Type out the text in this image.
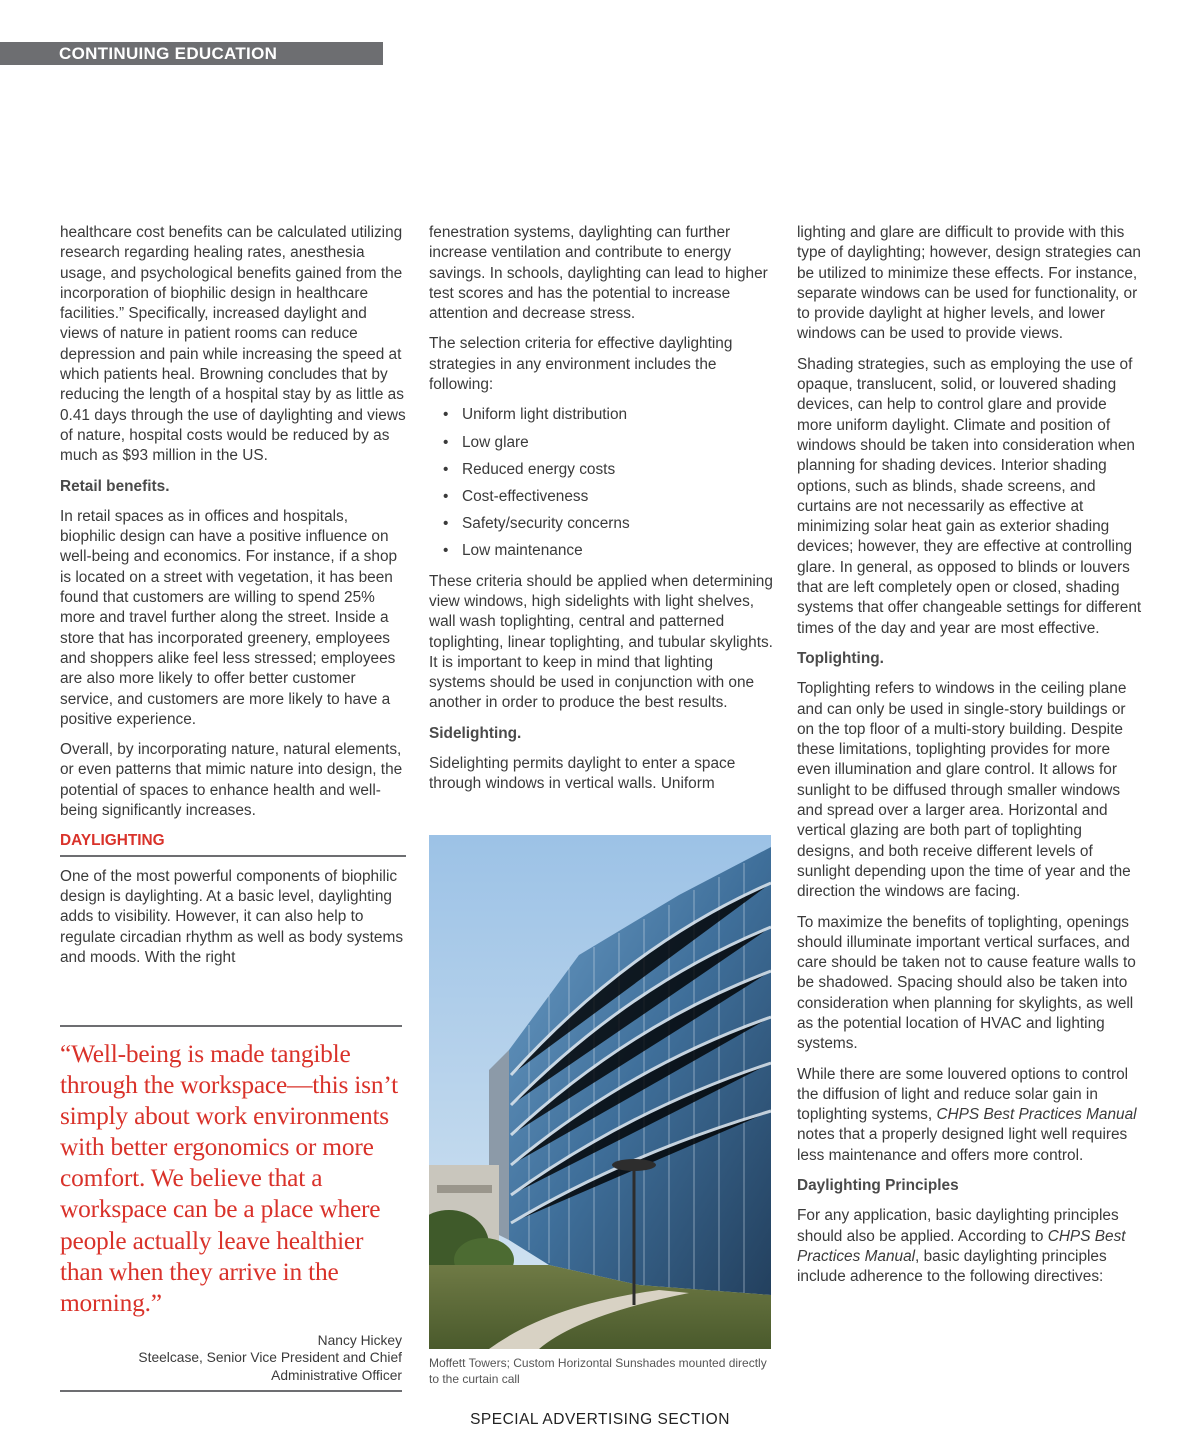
CONTINUING EDUCATION

healthcare cost benefits can be calculated utilizing research regarding healing rates, anesthesia usage, and psychological benefits gained from the incorporation of biophilic design in healthcare facilities.” Specifically, increased daylight and views of nature in patient rooms can reduce depression and pain while increasing the speed at which patients heal. Browning concludes that by reducing the length of a hospital stay by as little as 0.41 days through the use of daylighting and views of nature, hospital costs would be reduced by as much as $93 million in the US.

Retail benefits.

In retail spaces as in offices and hospitals, biophilic design can have a positive influence on well-being and economics. For instance, if a shop is located on a street with vegetation, it has been found that customers are willing to spend 25% more and travel further along the street. Inside a store that has incorporated greenery, employees and shoppers alike feel less stressed; employees are also more likely to offer better customer service, and customers are more likely to have a positive experience.

Overall, by incorporating nature, natural elements, or even patterns that mimic nature into design, the potential of spaces to enhance health and well-being significantly increases.

DAYLIGHTING

One of the most powerful components of biophilic design is daylighting. At a basic level, daylighting adds to visibility. However, it can also help to regulate circadian rhythm as well as body systems and moods. With the right

“Well-being is made tangible through the workspace—this isn’t simply about work environments with better ergonomics or more comfort. We believe that a workspace can be a place where people actually leave healthier than when they arrive in the morning.”
Nancy Hickey
Steelcase, Senior Vice President and Chief
Administrative Officer

fenestration systems, daylighting can further increase ventilation and contribute to energy savings. In schools, daylighting can lead to higher test scores and has the potential to increase attention and decrease stress.

The selection criteria for effective daylighting strategies in any environment includes the following:

• Uniform light distribution
• Low glare
• Reduced energy costs
• Cost-effectiveness
• Safety/security concerns
• Low maintenance

These criteria should be applied when determining view windows, high sidelights with light shelves, wall wash toplighting, central and patterned toplighting, linear toplighting, and tubular skylights. It is important to keep in mind that lighting systems should be used in conjunction with one another in order to produce the best results.

Sidelighting.

Sidelighting permits daylight to enter a space through windows in vertical walls. Uniform

Moffett Towers; Custom Horizontal Sunshades mounted directly to the curtain call

lighting and glare are difficult to provide with this type of daylighting; however, design strategies can be utilized to minimize these effects. For instance, separate windows can be used for functionality, or to provide daylight at higher levels, and lower windows can be used to provide views.

Shading strategies, such as employing the use of opaque, translucent, solid, or louvered shading devices, can help to control glare and provide more uniform daylight. Climate and position of windows should be taken into consideration when planning for shading devices. Interior shading options, such as blinds, shade screens, and curtains are not necessarily as effective at minimizing solar heat gain as exterior shading devices; however, they are effective at controlling glare. In general, as opposed to blinds or louvers that are left completely open or closed, shading systems that offer changeable settings for different times of the day and year are most effective.

Toplighting.

Toplighting refers to windows in the ceiling plane and can only be used in single-story buildings or on the top floor of a multi-story building. Despite these limitations, toplighting provides for more even illumination and glare control. It allows for sunlight to be diffused through smaller windows and spread over a larger area. Horizontal and vertical glazing are both part of toplighting designs, and both receive different levels of sunlight depending upon the time of year and the direction the windows are facing.

To maximize the benefits of toplighting, openings should illuminate important vertical surfaces, and care should be taken not to cause feature walls to be shadowed. Spacing should also be taken into consideration when planning for skylights, as well as the potential location of HVAC and lighting systems.

While there are some louvered options to control the diffusion of light and reduce solar gain in toplighting systems, CHPS Best Practices Manual notes that a properly designed light well requires less maintenance and offers more control.

Daylighting Principles

For any application, basic daylighting principles should also be applied. According to CHPS Best Practices Manual, basic daylighting principles include adherence to the following directives:

SPECIAL ADVERTISING SECTION
